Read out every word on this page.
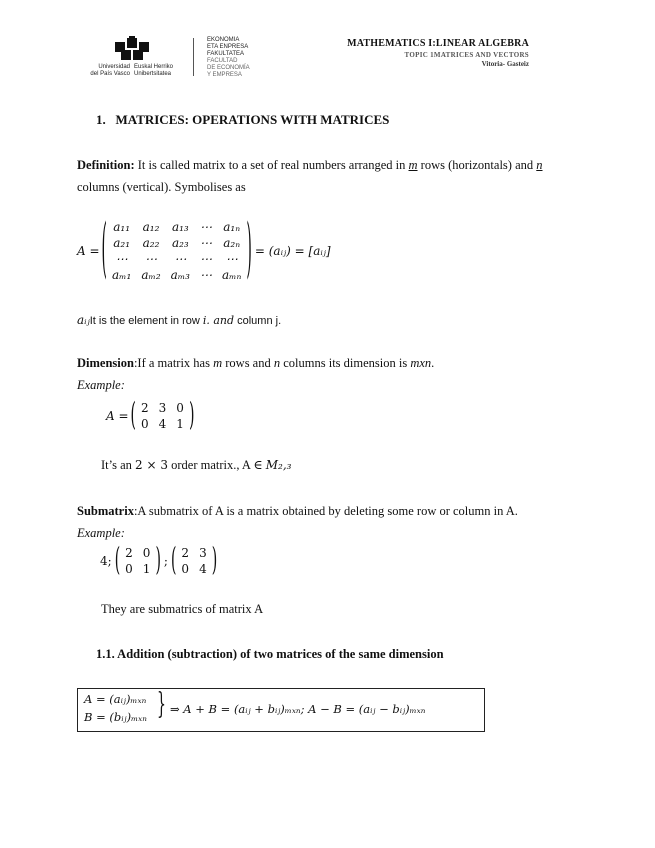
Universidad
del País Vasco
Euskal Herriko
Unibertsitatea
EKONOMIA
ETA ENPRESA
FAKULTATEA
FACULTAD
DE ECONOMÍA
Y EMPRESA
MATHEMATICS I:LINEAR ALGEBRA
TOPIC 1MATRICES AND VECTORS
Vitoria- Gasteiz
1.   MATRICES: OPERATIONS WITH MATRICES
Definition: It is called matrix to a set of real numbers arranged in m rows (horizontals) and n
columns (vertical). Symbolises as
A = ( a₁₁	a₁₂	a₁₃	⋯	a₁ₙ
a₂₁	a₂₂	a₂₃	⋯	a₂ₙ
⋯	⋯	⋯	⋯	⋯
aₘ₁	aₘ₂	aₘ₃	⋯	aₘₙ ) = (aᵢⱼ) = [aᵢⱼ]
aᵢⱼIt is the element in row i. and column j.
Dimension:If a matrix has m rows and n columns its dimension is mxn.
Example:
A = ( 2	3	0
0	4	1 )
It’s an 2 × 3 order matrix., A ∈ M₂,₃
Submatrix:A submatrix of A is a matrix obtained by deleting some row or column in A.
Example:
4; ( 2	0
0	1 ) ; ( 2	3
0	4 )
They are submatrics of matrix A
1.1. Addition (subtraction) of two matrices of the same dimension
A = (aᵢⱼ)ₘₓₙ
B = (bᵢⱼ)ₘₓₙ } ⇒ A + B = (aᵢⱼ + bᵢⱼ)ₘₓₙ; A − B = (aᵢⱼ − bᵢⱼ)ₘₓₙ
